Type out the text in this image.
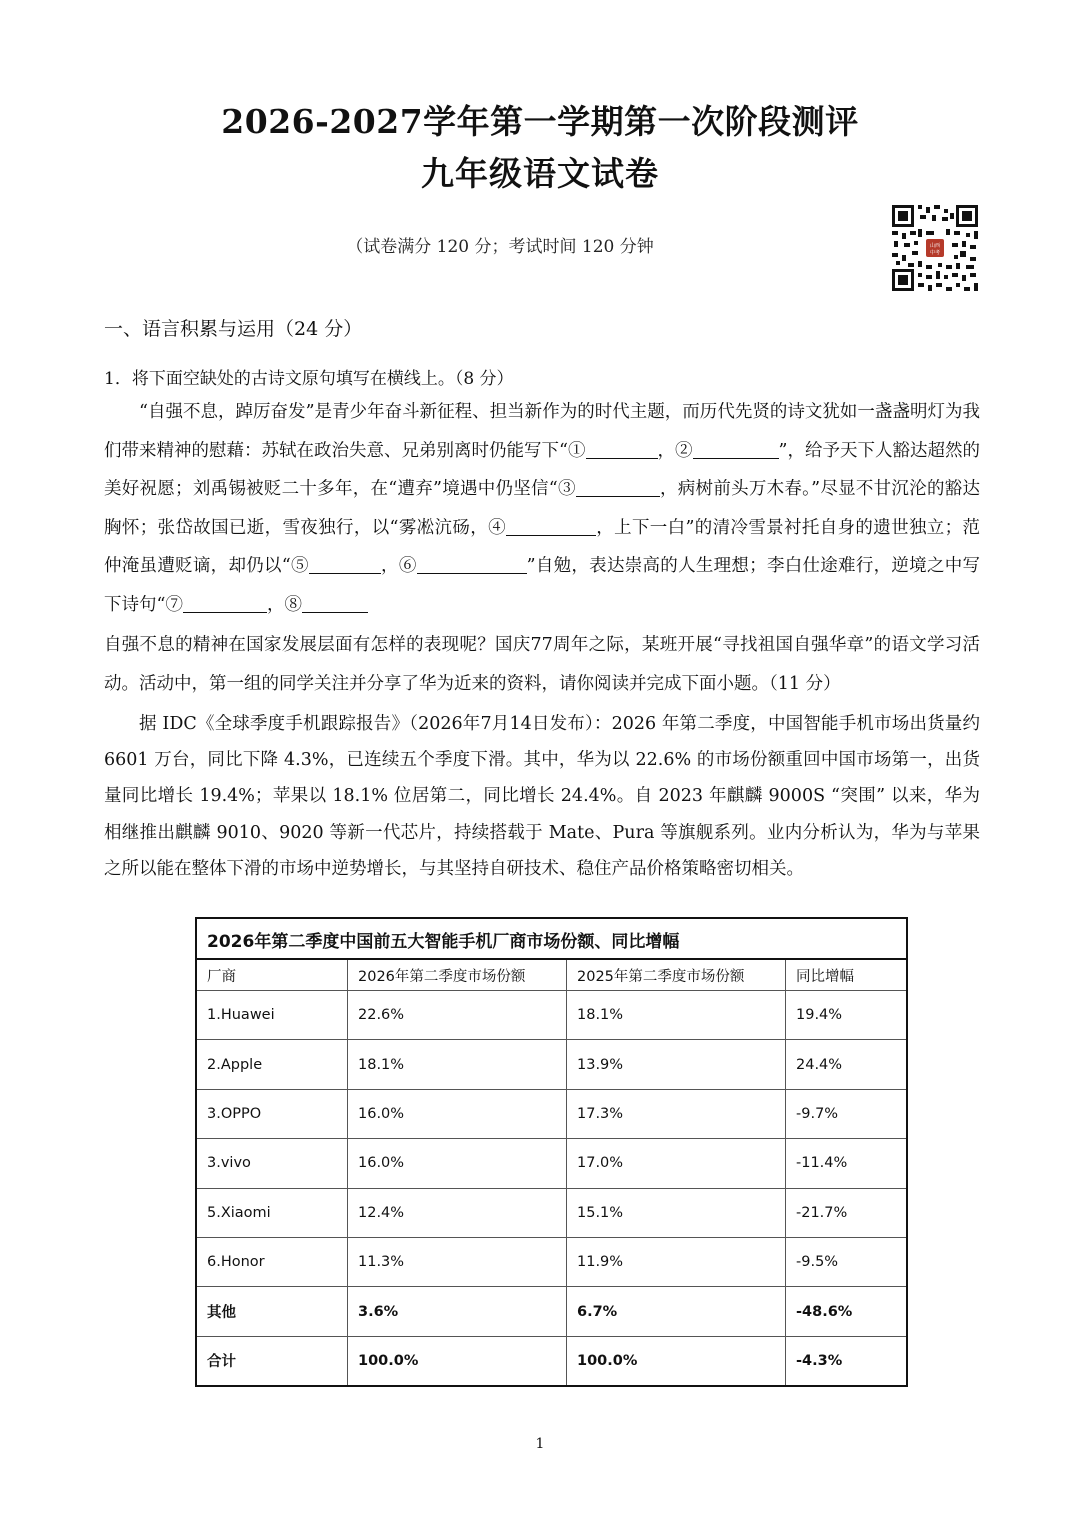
2026-2027学年第一学期第一次阶段测评
九年级语文试卷
（试卷满分 120 分；考试时间 120 分钟	山西
中考
一、语言积累与运用（24 分）
1．将下面空缺处的古诗文原句填写在横线上。（8 分）

“自强不息，踔厉奋发”是青少年奋斗新征程、担当新作为的时代主题，而历代先贤的诗文犹如一盏盏明灯为我们带来精神的慰藉：苏轼在政治失意、兄弟别离时仍能写下“①	，②	”，给予天下人豁达超然的美好祝愿；刘禹锡被贬二十多年，在“遭弃”境遇中仍坚信“③	，病树前头万木春。”尽显不甘沉沦的豁达胸怀；张岱故国已逝，雪夜独行，以“雾凇沆砀，④	，上下一白”的清冷雪景衬托自身的遗世独立；范仲淹虽遭贬谪，却仍以“⑤	，⑥	”自勉，表达崇高的人生理想；李白仕途难行，逆境之中写下诗句“⑦	，⑧

自强不息的精神在国家发展层面有怎样的表现呢？国庆77周年之际，某班开展“寻找祖国自强华章”的语文学习活动。活动中，第一组的同学关注并分享了华为近来的资料，请你阅读并完成下面小题。（11 分）

据 IDC《全球季度手机跟踪报告》（2026年7月14日发布）：2026 年第二季度，中国智能手机市场出货量约 6601 万台，同比下降 4.3%，已连续五个季度下滑。其中，华为以 22.6% 的市场份额重回中国市场第一，出货量同比增长 19.4%；苹果以 18.1% 位居第二，同比增长 24.4%。自 2023 年麒麟 9000S “突围” 以来，华为相继推出麒麟 9010、9020 等新一代芯片，持续搭载于 Mate、Pura 等旗舰系列。业内分析认为，华为与苹果之所以能在整体下滑的市场中逆势增长，与其坚持自研技术、稳住产品价格策略密切相关。

2026年第二季度中国前五大智能手机厂商市场份额、同比增幅
厂商	2026年第二季度市场份额	2025年第二季度市场份额	同比增幅
1.Huawei	22.6%	18.1%	19.4%
2.Apple	18.1%	13.9%	24.4%
3.OPPO	16.0%	17.3%	-9.7%
3.vivo	16.0%	17.0%	-11.4%
5.Xiaomi	12.4%	15.1%	-21.7%
6.Honor	11.3%	11.9%	-9.5%
其他	3.6%	6.7%	-48.6%
合计	100.0%	100.0%	-4.3%
1
